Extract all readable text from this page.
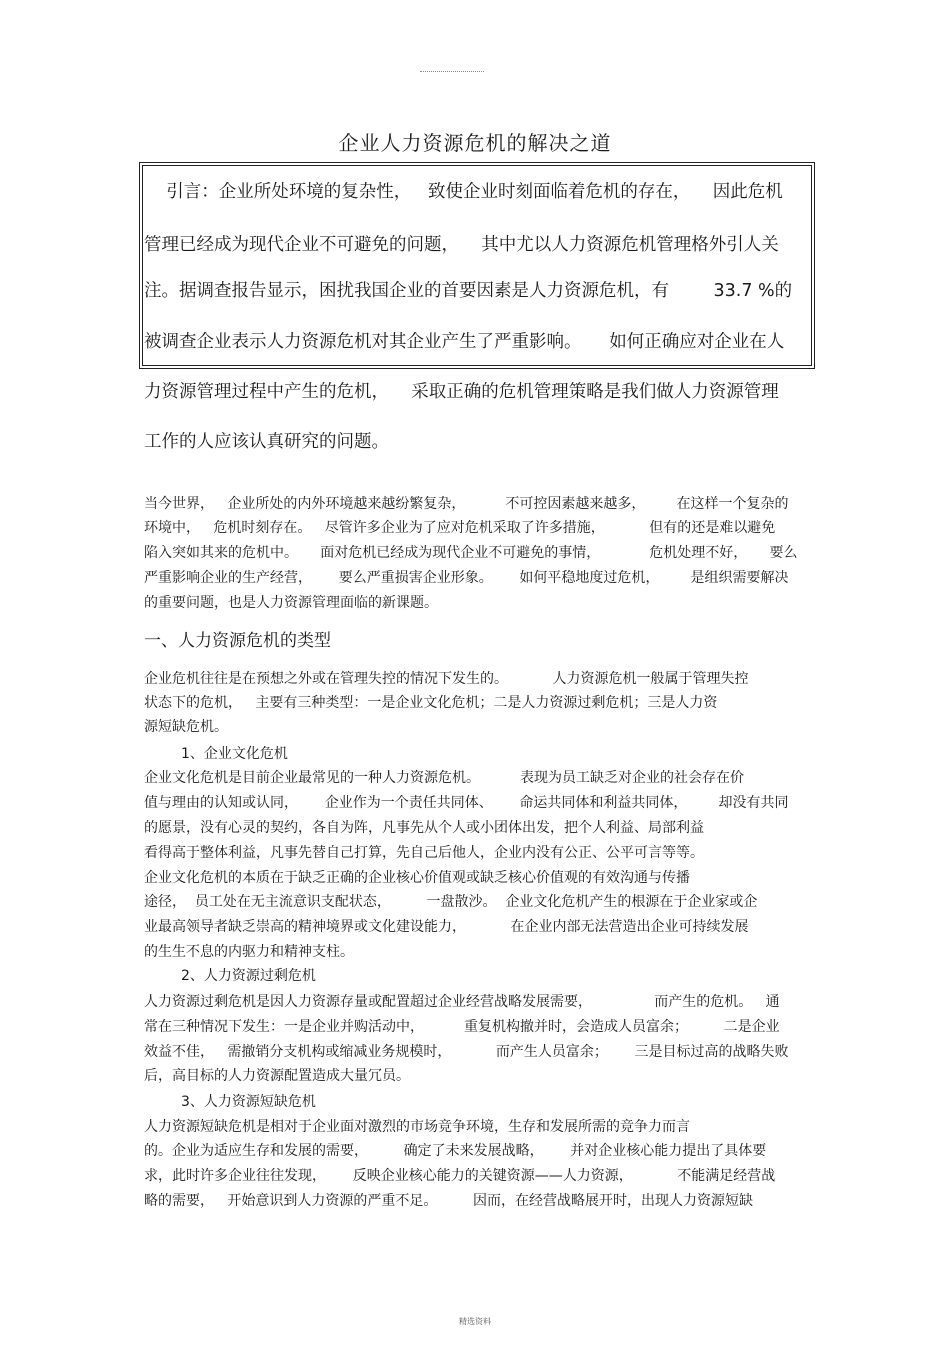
企业人力资源危机的解决之道
引言：企业所处环境的复杂性，   致使企业时刻面临着危机的存在，    因此危机
管理已经成为现代企业不可避免的问题，    其中尤以人力资源危机管理格外引人关
注。据调查报告显示，困扰我国企业的首要因素是人力资源危机，有        33.7 %的
被调查企业表示人力资源危机对其企业产生了严重影响。     如何正确应对企业在人
力资源管理过程中产生的危机，    采取正确的危机管理策略是我们做人力资源管理
工作的人应该认真研究的问题。
当今世界，   企业所处的内外环境越来越纷繁复杂，         不可控因素越来越多，       在这样一个复杂的
环境中，   危机时刻存在。   尽管许多企业为了应对危机采取了许多措施，          但有的还是难以避免
陷入突如其来的危机中。     面对危机已经成为现代企业不可避免的事情，           危机处理不好，     要么
严重影响企业的生产经营，      要么严重损害企业形象。      如何平稳地度过危机，       是组织需要解决
的重要问题，也是人力资源管理面临的新课题。
一、人力资源危机的类型
企业危机往往是在预想之外或在管理失控的情况下发生的。          人力资源危机一般属于管理失控
状态下的危机，   主要有三种类型：一是企业文化危机；二是人力资源过剩危机；三是人力资
源短缺危机。
1、企业文化危机
企业文化危机是目前企业最常见的一种人力资源危机。         表现为员工缺乏对企业的社会存在价
值与理由的认知或认同，      企业作为一个责任共同体、      命运共同体和利益共同体，       却没有共同
的愿景，没有心灵的契约，各自为阵，凡事先从个人或小团体出发，把个人利益、局部利益
看得高于整体利益，凡事先替自己打算，先自己后他人，企业内没有公正、公平可言等等。
企业文化危机的本质在于缺乏正确的企业核心价值观或缺乏核心价值观的有效沟通与传播
途径，  员工处在无主流意识支配状态，        一盘散沙。  企业文化危机产生的根源在于企业家或企
业最高领导者缺乏崇高的精神境界或文化建设能力，          在企业内部无法营造出企业可持续发展
的生生不息的内驱力和精神支柱。
2、人力资源过剩危机
人力资源过剩危机是因人力资源存量或配置超过企业经营战略发展需要，              而产生的危机。   通
常在三种情况下发生：一是企业并购活动中，         重复机构撤并时，会造成人员富余；        二是企业
效益不佳，   需撤销分支机构或缩减业务规模时，          而产生人员富余；      三是目标过高的战略失败
后，高目标的人力资源配置造成大量冗员。
3、人力资源短缺危机
人力资源短缺危机是相对于企业面对激烈的市场竞争环境，生存和发展所需的竞争力而言
的。企业为适应生存和发展的需要，        确定了未来发展战略，      并对企业核心能力提出了具体要
求，此时许多企业往往发现，      反映企业核心能力的关键资源——人力资源，          不能满足经营战
略的需要，   开始意识到人力资源的严重不足。        因而，在经营战略展开时，出现人力资源短缺
精选资料
